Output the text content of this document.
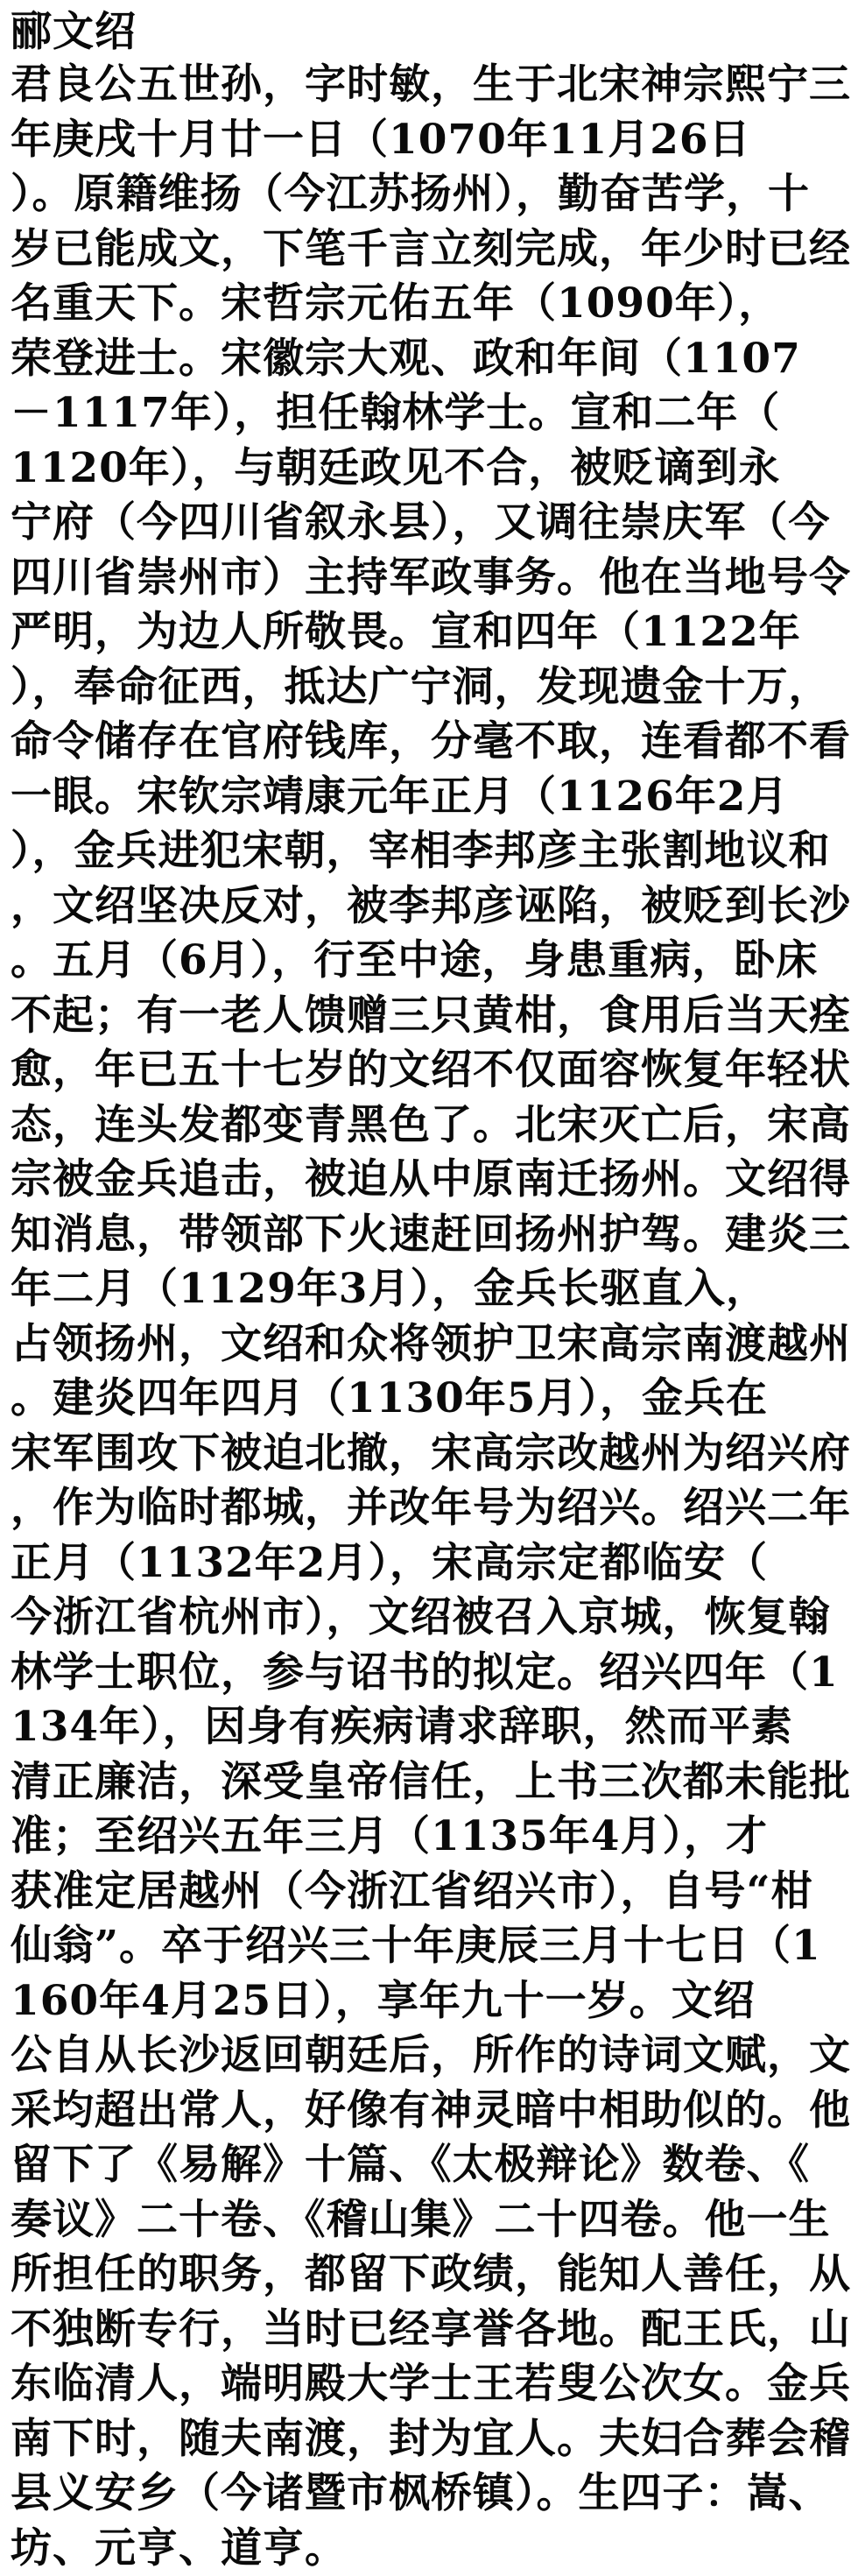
郦文绍
君良公五世孙，字时敏，生于北宋神宗熙宁三
年庚戌十月廿一日（1070年11月26日
）。原籍维扬（今江苏扬州），勤奋苦学，十
岁已能成文，下笔千言立刻完成，年少时已经
名重天下。宋哲宗元佑五年（1090年），
荣登进士。宋徽宗大观、政和年间（1107
－1117年），担任翰林学士。宣和二年（
1120年），与朝廷政见不合，被贬谪到永
宁府（今四川省叙永县），又调往崇庆军（今
四川省崇州市）主持军政事务。他在当地号令
严明，为边人所敬畏。宣和四年（1122年
），奉命征西，抵达广宁洞，发现遗金十万，
命令储存在官府钱库，分毫不取，连看都不看
一眼。宋钦宗靖康元年正月（1126年2月
），金兵进犯宋朝，宰相李邦彦主张割地议和
，文绍坚决反对，被李邦彦诬陷，被贬到长沙
。五月（6月），行至中途，身患重病，卧床
不起；有一老人馈赠三只黄柑，食用后当天痊
愈，年已五十七岁的文绍不仅面容恢复年轻状
态，连头发都变青黑色了。北宋灭亡后，宋高
宗被金兵追击，被迫从中原南迁扬州。文绍得
知消息，带领部下火速赶回扬州护驾。建炎三
年二月（1129年3月），金兵长驱直入，
占领扬州，文绍和众将领护卫宋高宗南渡越州
。建炎四年四月（1130年5月），金兵在
宋军围攻下被迫北撤，宋高宗改越州为绍兴府
，作为临时都城，并改年号为绍兴。绍兴二年
正月（1132年2月），宋高宗定都临安（
今浙江省杭州市），文绍被召入京城，恢复翰
林学士职位，参与诏书的拟定。绍兴四年（1
134年），因身有疾病请求辞职，然而平素
清正廉洁，深受皇帝信任，上书三次都未能批
准；至绍兴五年三月（1135年4月），才
获准定居越州（今浙江省绍兴市），自号“柑
仙翁”。卒于绍兴三十年庚辰三月十七日（1
160年4月25日），享年九十一岁。文绍
公自从长沙返回朝廷后，所作的诗词文赋，文
采均超出常人，好像有神灵暗中相助似的。他
留下了《易解》十篇、《太极辩论》数卷、《
奏议》二十卷、《稽山集》二十四卷。他一生
所担任的职务，都留下政绩，能知人善任，从
不独断专行，当时已经享誉各地。配王氏，山
东临清人，端明殿大学士王若叟公次女。金兵
南下时，随夫南渡，封为宜人。夫妇合葬会稽
县义安乡（今诸暨市枫桥镇）。生四子：嵩、
坊、元亨、道亨。
